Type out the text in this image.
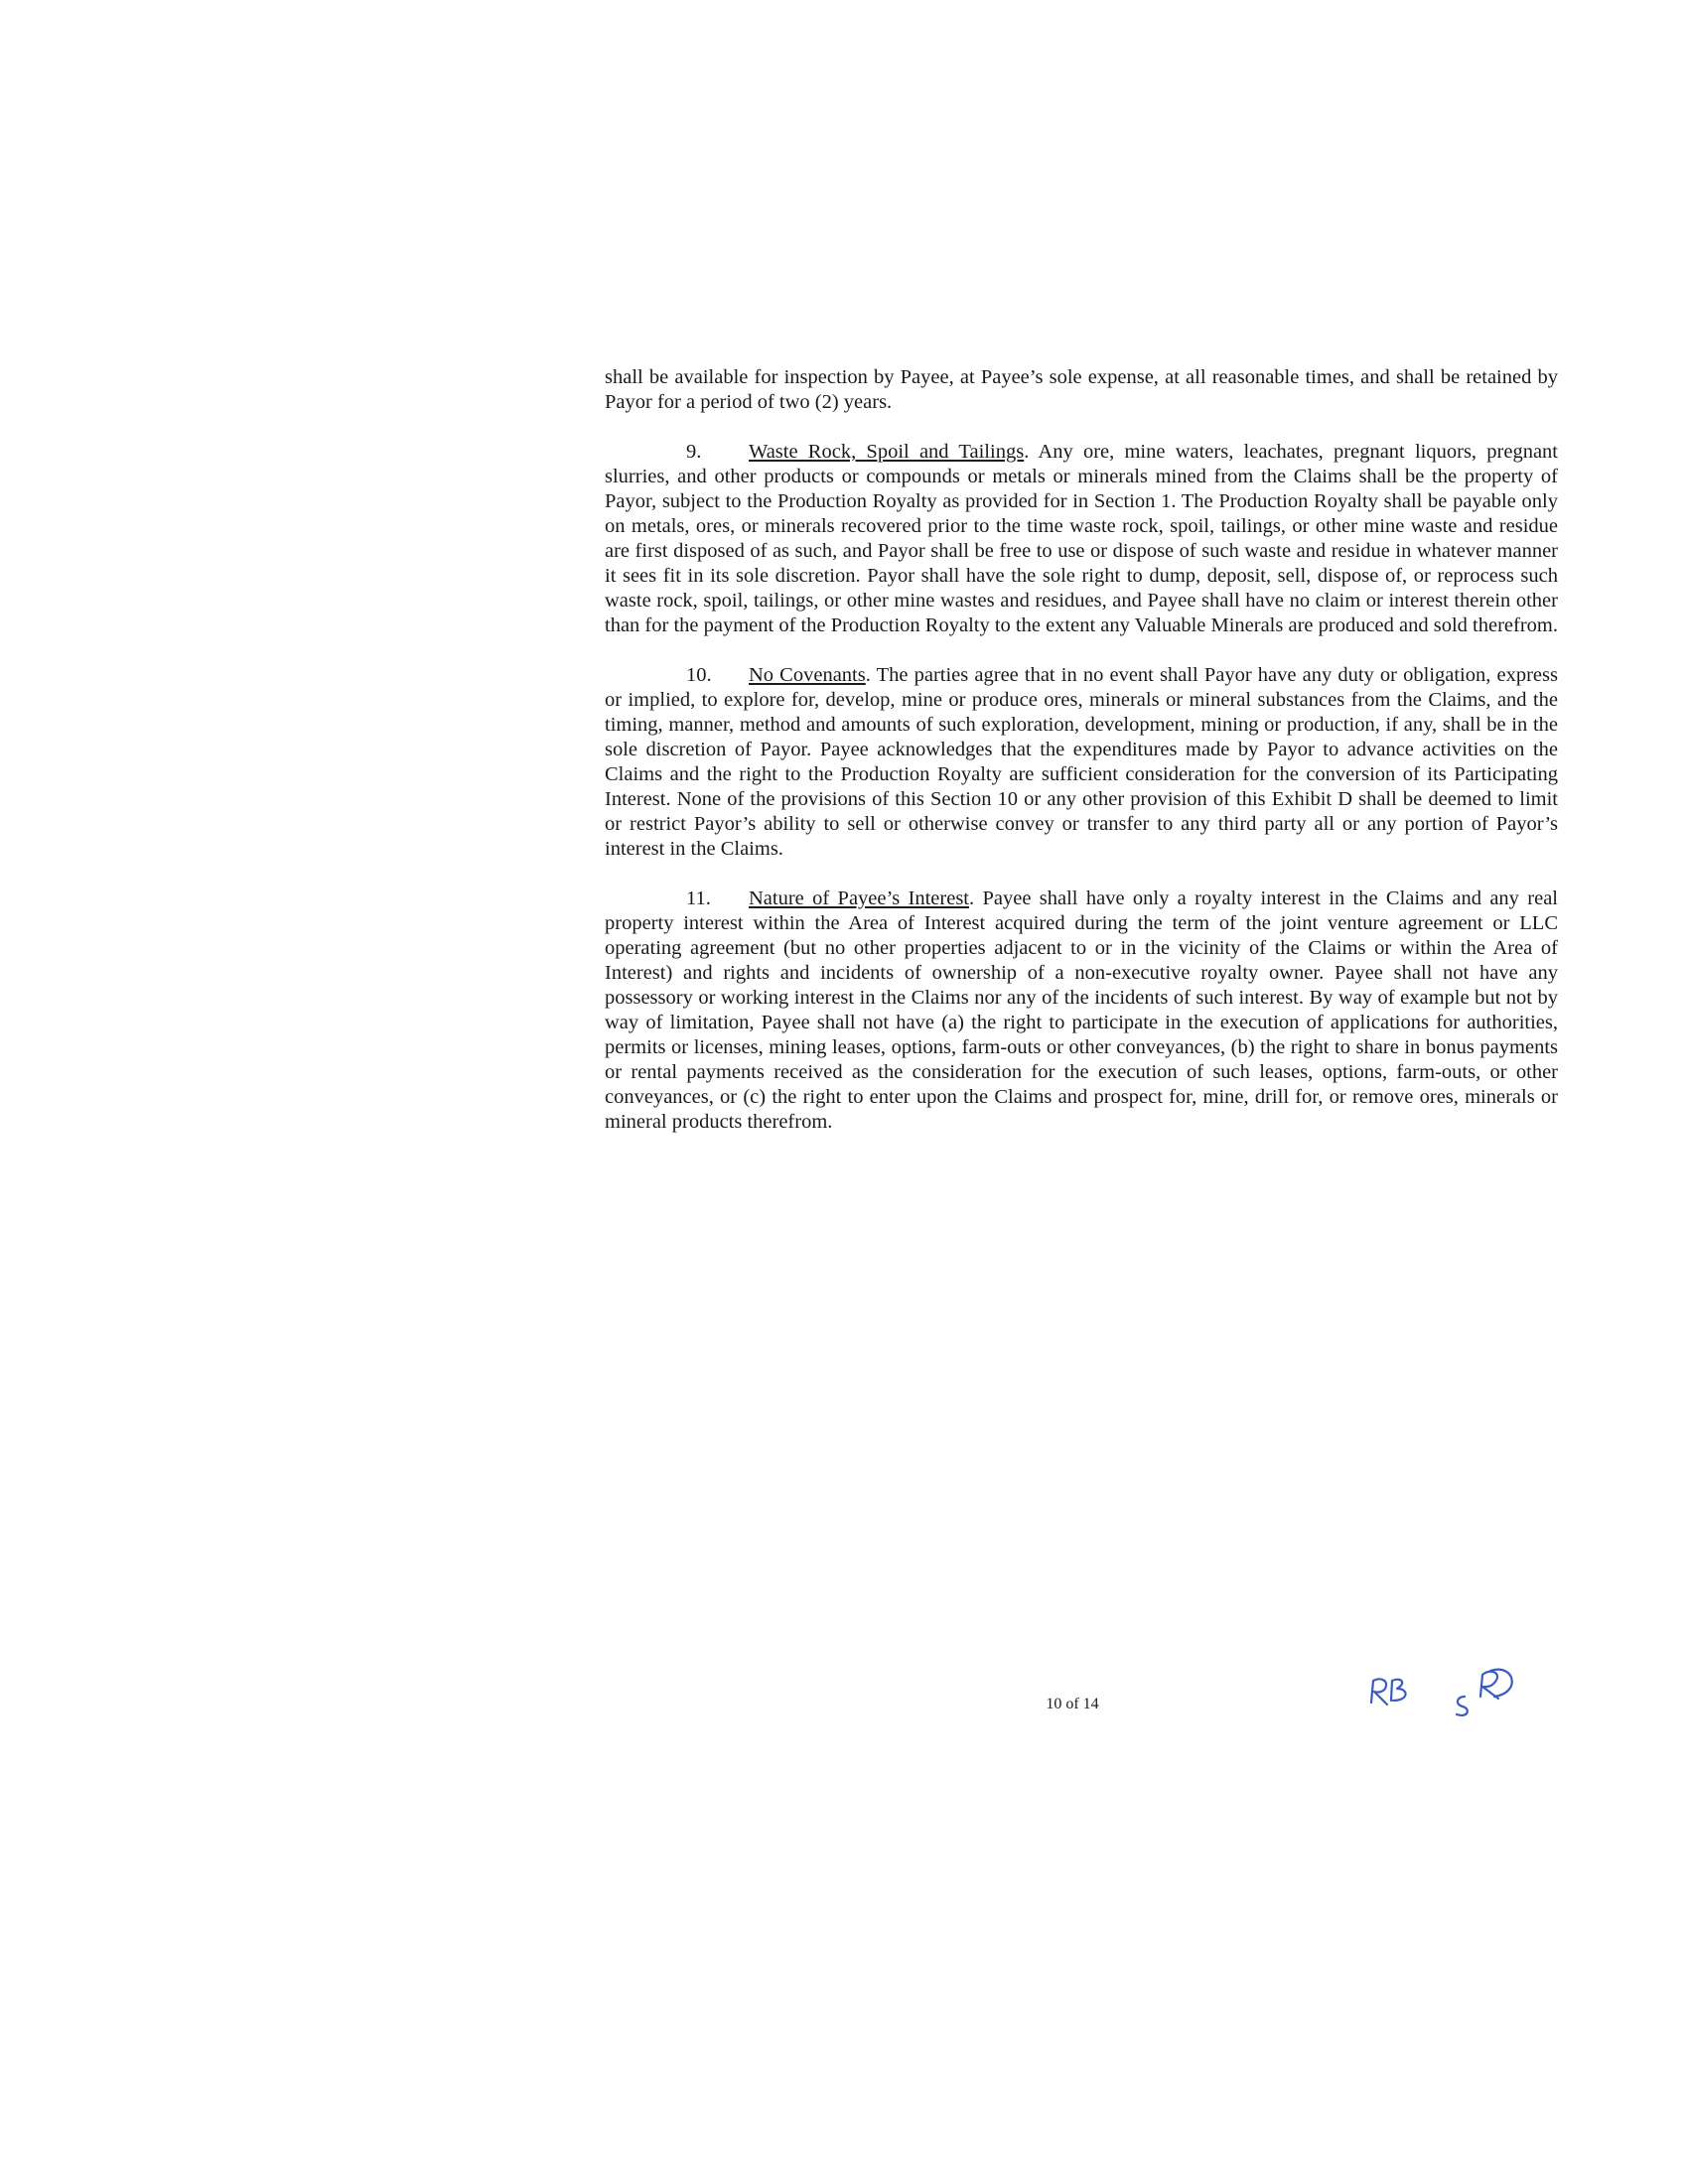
shall be available for inspection by Payee, at Payee’s sole expense, at all reasonable times, and shall be retained by Payor for a period of two (2) years.

9. Waste Rock, Spoil and Tailings. Any ore, mine waters, leachates, pregnant liquors, pregnant slurries, and other products or compounds or metals or minerals mined from the Claims shall be the property of Payor, subject to the Production Royalty as provided for in Section 1. The Production Royalty shall be payable only on metals, ores, or minerals recovered prior to the time waste rock, spoil, tailings, or other mine waste and residue are first disposed of as such, and Payor shall be free to use or dispose of such waste and residue in whatever manner it sees fit in its sole discretion. Payor shall have the sole right to dump, deposit, sell, dispose of, or reprocess such waste rock, spoil, tailings, or other mine wastes and residues, and Payee shall have no claim or interest therein other than for the payment of the Production Royalty to the extent any Valuable Minerals are produced and sold therefrom.

10. No Covenants. The parties agree that in no event shall Payor have any duty or obligation, express or implied, to explore for, develop, mine or produce ores, minerals or mineral substances from the Claims, and the timing, manner, method and amounts of such exploration, development, mining or production, if any, shall be in the sole discretion of Payor. Payee acknowledges that the expenditures made by Payor to advance activities on the Claims and the right to the Production Royalty are sufficient consideration for the conversion of its Participating Interest. None of the provisions of this Section 10 or any other provision of this Exhibit D shall be deemed to limit or restrict Payor’s ability to sell or otherwise convey or transfer to any third party all or any portion of Payor’s interest in the Claims.

11. Nature of Payee’s Interest. Payee shall have only a royalty interest in the Claims and any real property interest within the Area of Interest acquired during the term of the joint venture agreement or LLC operating agreement (but no other properties adjacent to or in the vicinity of the Claims or within the Area of Interest) and rights and incidents of ownership of a non-executive royalty owner. Payee shall not have any possessory or working interest in the Claims nor any of the incidents of such interest. By way of example but not by way of limitation, Payee shall not have (a) the right to participate in the execution of applications for authorities, permits or licenses, mining leases, options, farm-outs or other conveyances, (b) the right to share in bonus payments or rental payments received as the consideration for the execution of such leases, options, farm-outs, or other conveyances, or (c) the right to enter upon the Claims and prospect for, mine, drill for, or remove ores, minerals or mineral products therefrom.

10 of 14
